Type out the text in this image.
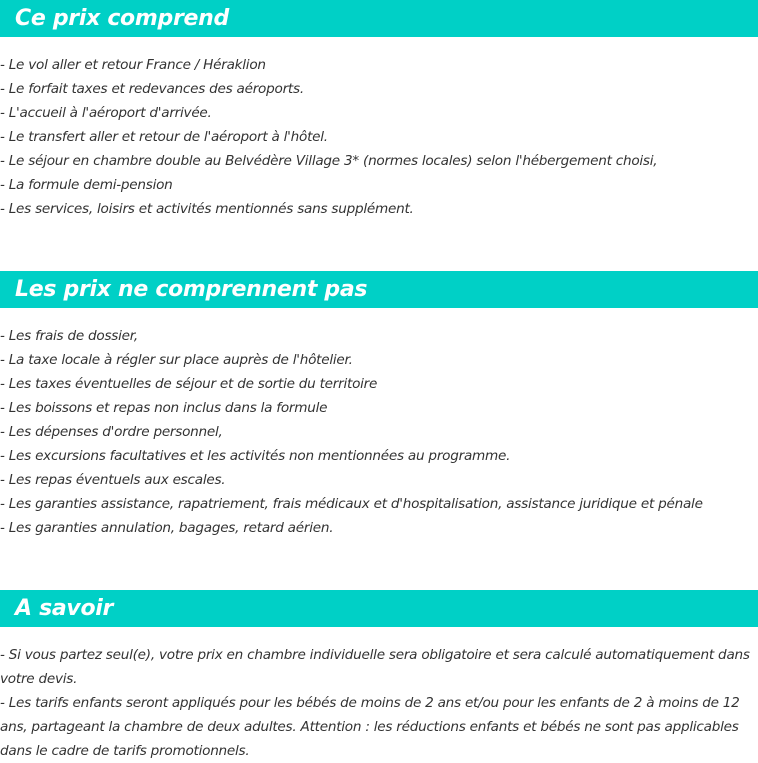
Ce prix comprend
- Le vol aller et retour France / Héraklion
- Le forfait taxes et redevances des aéroports.
- L'accueil à l'aéroport d'arrivée.
- Le transfert aller et retour de l'aéroport à l'hôtel.
- Le séjour en chambre double au Belvédère Village 3* (normes locales) selon l'hébergement choisi,
- La formule demi-pension
- Les services, loisirs et activités mentionnés sans supplément.
Les prix ne comprennent pas
- Les frais de dossier,
- La taxe locale à régler sur place auprès de l'hôtelier.
- Les taxes éventuelles de séjour et de sortie du territoire
- Les boissons et repas non inclus dans la formule
- Les dépenses d'ordre personnel,
- Les excursions facultatives et les activités non mentionnées au programme.
- Les repas éventuels aux escales.
- Les garanties assistance, rapatriement, frais médicaux et d'hospitalisation, assistance juridique et pénale
- Les garanties annulation, bagages, retard aérien.
A savoir
- Si vous partez seul(e), votre prix en chambre individuelle sera obligatoire et sera calculé automatiquement dans votre devis.
- Les tarifs enfants seront appliqués pour les bébés de moins de 2 ans et/ou pour les enfants de 2 à moins de 12 ans, partageant la chambre de deux adultes. Attention : les réductions enfants et bébés ne sont pas applicables dans le cadre de tarifs promotionnels.
